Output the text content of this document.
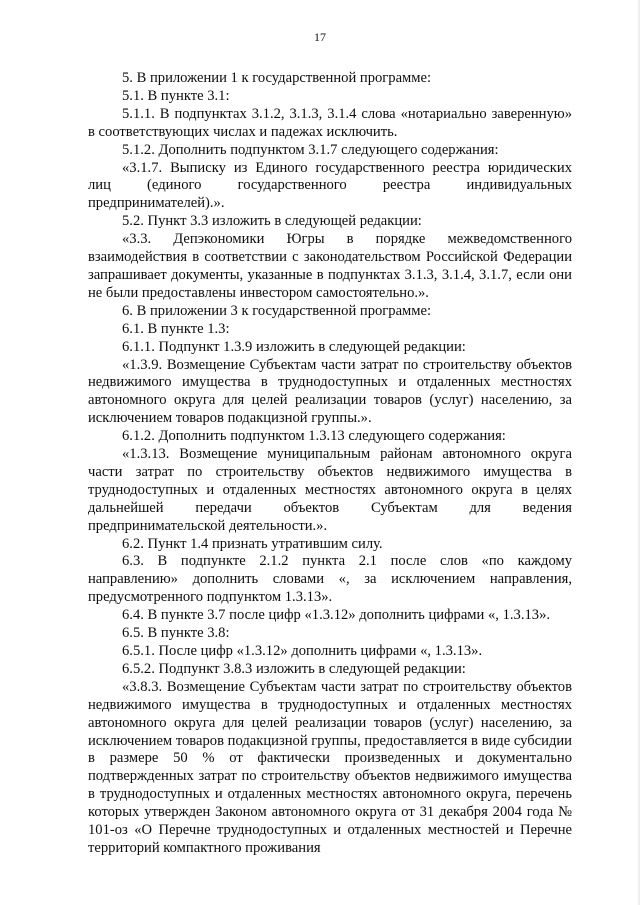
17

5. В приложении 1 к государственной программе:

5.1. В пункте 3.1:

5.1.1. В подпунктах 3.1.2, 3.1.3, 3.1.4 слова «нотариально заверенную» в соответствующих числах и падежах исключить.

5.1.2. Дополнить подпунктом 3.1.7 следующего содержания:

«3.1.7. Выписку из Единого государственного реестра юридических лиц (единого государственного реестра индивидуальных предпринимателей).».

5.2. Пункт 3.3 изложить в следующей редакции:

«3.3. Депэкономики Югры в порядке межведомственного взаимодействия в соответствии с законодательством Российской Федерации запрашивает документы, указанные в подпунктах 3.1.3, 3.1.4, 3.1.7, если они не были предоставлены инвестором самостоятельно.».

6. В приложении 3 к государственной программе:

6.1. В пункте 1.3:

6.1.1. Подпункт 1.3.9 изложить в следующей редакции:

«1.3.9. Возмещение Субъектам части затрат по строительству объектов недвижимого имущества в труднодоступных и отдаленных местностях автономного округа для целей реализации товаров (услуг) населению, за исключением товаров подакцизной группы.».

6.1.2. Дополнить подпунктом 1.3.13 следующего содержания:

«1.3.13. Возмещение муниципальным районам автономного округа части затрат по строительству объектов недвижимого имущества в труднодоступных и отдаленных местностях автономного округа в целях дальнейшей передачи объектов Субъектам для ведения предпринимательской деятельности.».

6.2. Пункт 1.4 признать утратившим силу.

6.3. В подпункте 2.1.2 пункта 2.1 после слов «по каждому направлению» дополнить словами «, за исключением направления, предусмотренного подпунктом 1.3.13».

6.4. В пункте 3.7 после цифр «1.3.12» дополнить цифрами «, 1.3.13».

6.5. В пункте 3.8:

6.5.1. После цифр «1.3.12» дополнить цифрами «, 1.3.13».

6.5.2. Подпункт 3.8.3 изложить в следующей редакции:

«3.8.3. Возмещение Субъектам части затрат по строительству объектов недвижимого имущества в труднодоступных и отдаленных местностях автономного округа для целей реализации товаров (услуг) населению, за исключением товаров подакцизной группы, предоставляется в виде субсидии в размере 50 % от фактически произведенных и документально подтвержденных затрат по строительству объектов недвижимого имущества в труднодоступных и отдаленных местностях автономного округа, перечень которых утвержден Законом автономного округа от 31 декабря 2004 года № 101-оз «О Перечне труднодоступных и отдаленных местностей и Перечне территорий компактного проживания
